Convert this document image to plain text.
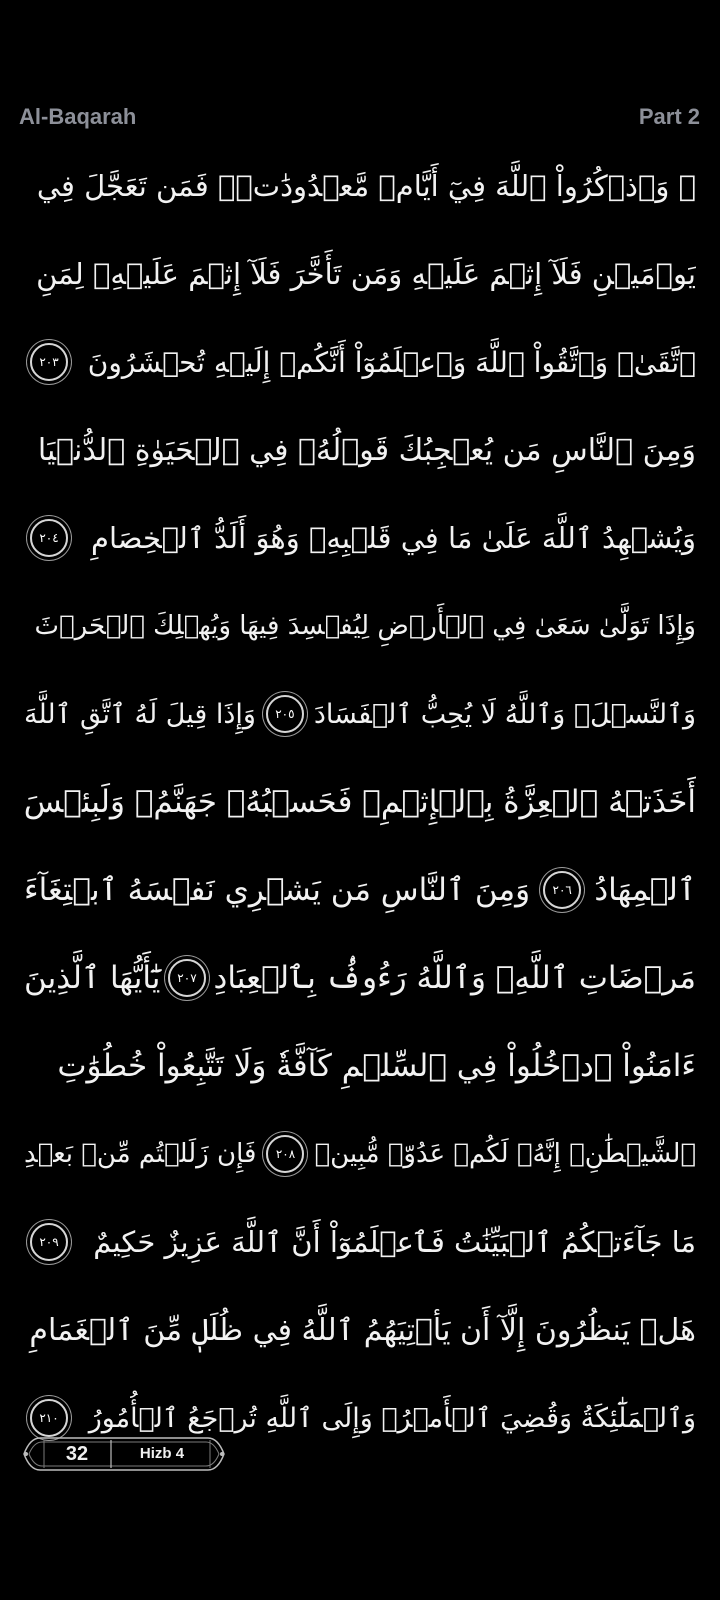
Al-Baqarah	Part 2
۞ وَٱذۡكُرُواْ ٱللَّهَ فِيٓ أَيَّامٖ مَّعۡدُودَٰتٖۚ فَمَن تَعَجَّلَ فِي
يَوۡمَيۡنِ فَلَآ إِثۡمَ عَلَيۡهِ وَمَن تَأَخَّرَ فَلَآ إِثۡمَ عَلَيۡهِۖ لِمَنِ
ٱتَّقَىٰۗ وَٱتَّقُواْ ٱللَّهَ وَٱعۡلَمُوٓاْ أَنَّكُمۡ إِلَيۡهِ تُحۡشَرُونَ
٢٠٣
وَمِنَ ٱلنَّاسِ مَن يُعۡجِبُكَ قَوۡلُهُۥ فِي ٱلۡحَيَوٰةِ ٱلدُّنۡيَا
وَيُشۡهِدُ ٱللَّهَ عَلَىٰ مَا فِي قَلۡبِهِۦ وَهُوَ أَلَدُّ ٱلۡخِصَامِ
٢٠٤
وَإِذَا تَوَلَّىٰ سَعَىٰ فِي ٱلۡأَرۡضِ لِيُفۡسِدَ فِيهَا وَيُهۡلِكَ ٱلۡحَرۡثَ
وَٱلنَّسۡلَۚ وَٱللَّهُ لَا يُحِبُّ ٱلۡفَسَادَ
٢٠٥
وَإِذَا قِيلَ لَهُ ٱتَّقِ ٱللَّهَ
أَخَذَتۡهُ ٱلۡعِزَّةُ بِٱلۡإِثۡمِۚ فَحَسۡبُهُۥ جَهَنَّمُۖ وَلَبِئۡسَ
ٱلۡمِهَادُ
٢٠٦
وَمِنَ ٱلنَّاسِ مَن يَشۡرِي نَفۡسَهُ ٱبۡتِغَآءَ
مَرۡضَاتِ ٱللَّهِۚ وَٱللَّهُ رَءُوفُۢ بِٱلۡعِبَادِ
٢٠٧
يَٰٓأَيُّهَا ٱلَّذِينَ
ءَامَنُواْ ٱدۡخُلُواْ فِي ٱلسِّلۡمِ كَآفَّةٗ وَلَا تَتَّبِعُواْ خُطُوَٰتِ
ٱلشَّيۡطَٰنِۚ إِنَّهُۥ لَكُمۡ عَدُوّٞ مُّبِينٞ
٢٠٨
فَإِن زَلَلۡتُم مِّنۢ بَعۡدِ
مَا جَآءَتۡكُمُ ٱلۡبَيِّنَٰتُ فَٱعۡلَمُوٓاْ أَنَّ ٱللَّهَ عَزِيزٌ حَكِيمٌ
٢٠٩
هَلۡ يَنظُرُونَ إِلَّآ أَن يَأۡتِيَهُمُ ٱللَّهُ فِي ظُلَلٖ مِّنَ ٱلۡغَمَامِ
وَٱلۡمَلَٰٓئِكَةُ وَقُضِيَ ٱلۡأَمۡرُۚ وَإِلَى ٱللَّهِ تُرۡجَعُ ٱلۡأُمُورُ
٢١٠
32	Hizb 4
